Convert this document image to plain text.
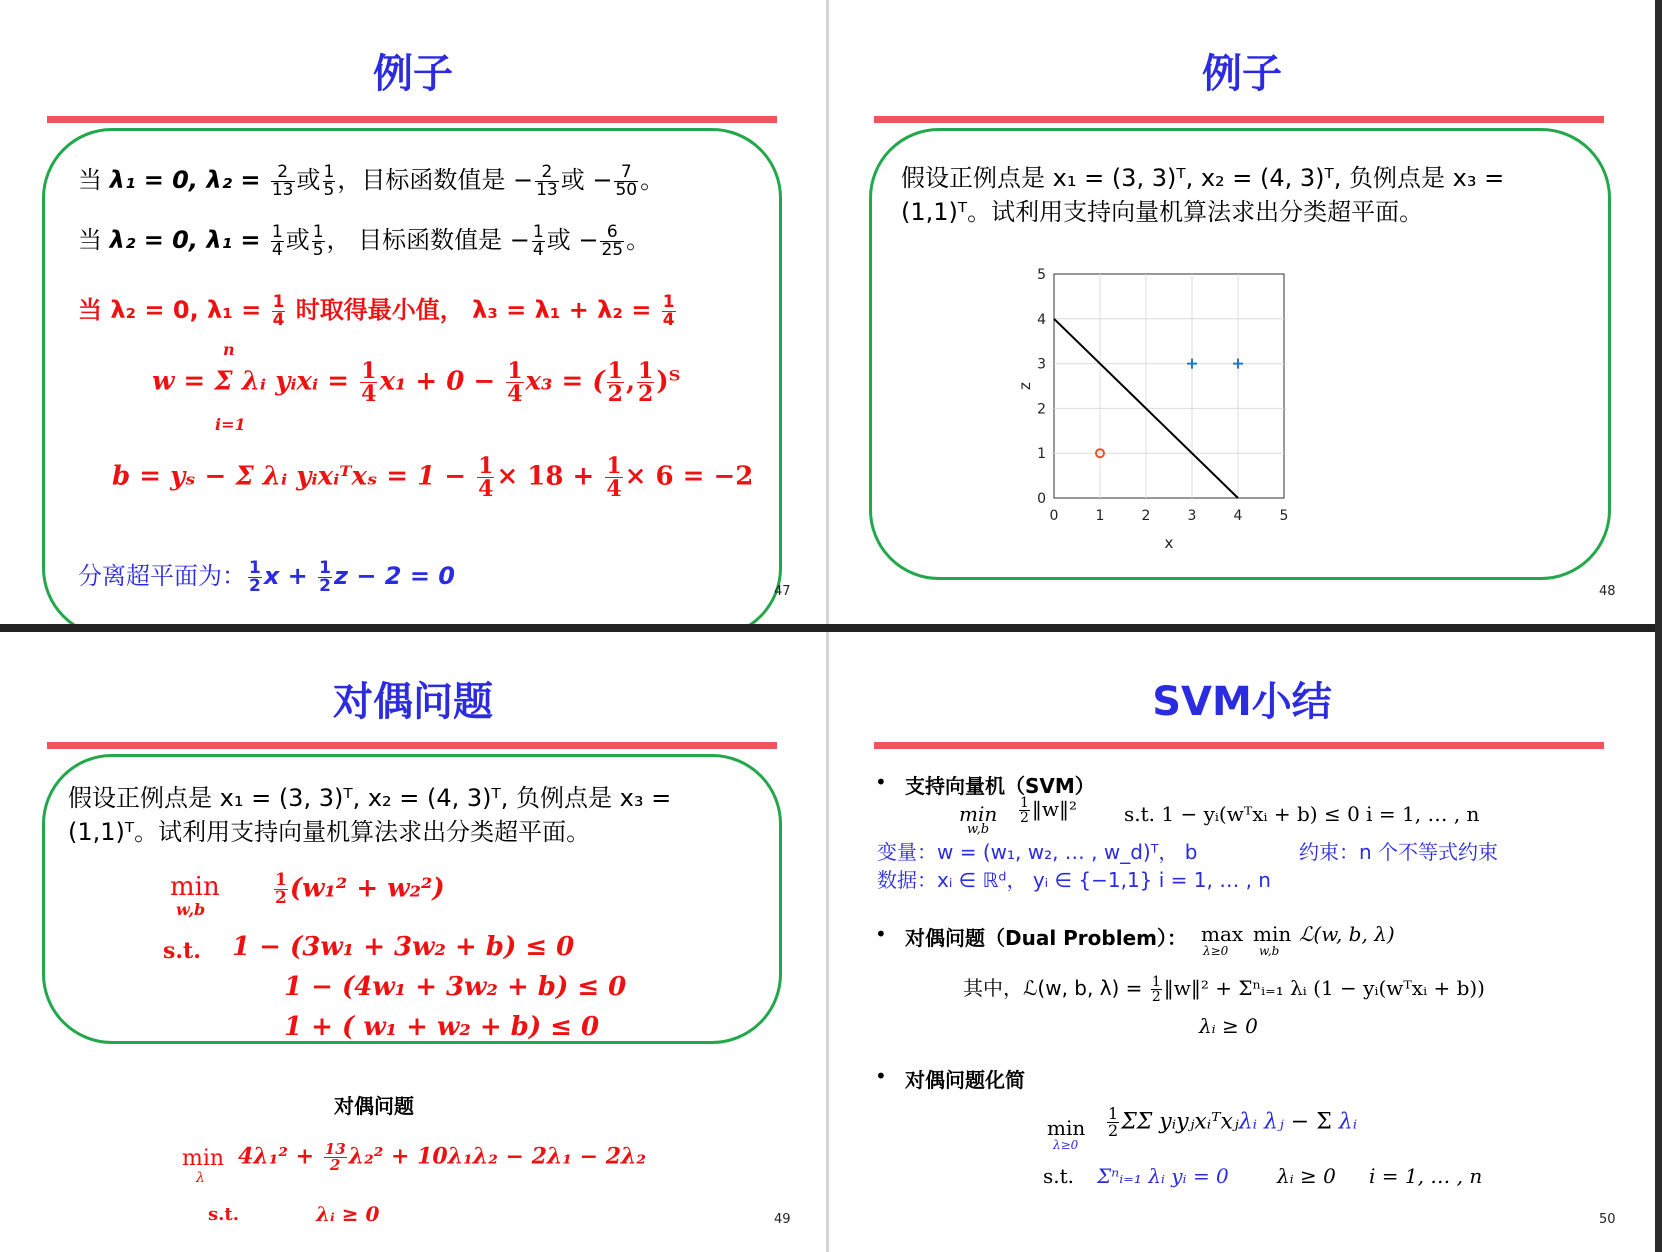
例子
当 λ₁ = 0, $\lambda_2 = \frac{2}{13}$ 或 $\frac{1}{5}$ ，目标函数值是 − $\frac{2}{13}$ 或 − $\frac{7}{50}$ 。
当 λ₂ = 0, $\lambda_1 = \frac{1}{4}$ 或 $\frac{1}{5}$ ， 目标函数值是 − $\frac{1}{4}$ 或 − $\frac{6}{25}$ 。
当 λ₂ = 0, $\lambda_1 = \frac{1}{4}$ 时取得最小值， $\lambda_3 = \lambda_1 + \lambda_2 = \frac{1}{4}$
w = Σ λᵢ yᵢxᵢ = $\frac{1}{4} x_1 + 0 - \frac{1}{4} x_3$ = ( $\frac{1}{2}$ , $\frac{1}{2}$ )ᵀ
n
i=1
b = yₛ − Σ λᵢ yᵢxᵢᵀxₛ = $1 - \frac{1}{4} \times 18 + \frac{1}{4} \times 6 = -2$
分离超平面为： $\frac{1}{2}$ $x + \frac{1}{2}$ z − 2 = 0
47
例子
假设正例点是 x₁ = (3, 3)ᵀ, x₂ = (4, 3)ᵀ, 负例点是 x₃ =
(1,1)ᵀ。试利用支持向量机算法求出分类超平面。
0	1	2	3	4	5
0
1
2
3
4
5
x
z
48
对偶问题
假设正例点是 x₁ = (3, 3)ᵀ, x₂ = (4, 3)ᵀ, 负例点是 x₃ =
(1,1)ᵀ。试利用支持向量机算法求出分类超平面。
min
w,b
$\frac{1}{2} (w_1^2 + w_2^2)$
s.t. 1 − (3w₁ + 3w₂ + b) ≤ 0
1 − (4w₁ + 3w₂ + b) ≤ 0
1 + ( w₁ + w₂ + b) ≤ 0
对偶问题
min
λ
$4\lambda_1^2 + \frac{13}{2} \lambda_2^2 + 10\lambda_1\lambda_2 - 2\lambda_1 - 2\lambda_2$
s.t.	λᵢ ≥ 0	49
SVM小结
• 支持向量机（SVM）
min
w,b
$\frac{1}{2}$ ‖w‖² s.t. 1 − yᵢ(wᵀxᵢ + b) ≤ 0 i = 1, … , n
变量：w = (w₁, w₂, … , w_d)ᵀ， b	约束：n 个不等式约束
数据：xᵢ ∈ ℝᵈ， yᵢ ∈ {−1,1} i = 1, … , n
• 对偶问题（Dual Problem）： max
λ≥0
min
w,b
ℒ(w, b, λ)
其中，ℒ(w, b, $\lambda) = \frac{1}{2}$ ‖w‖² + Σⁿᵢ₌₁ λᵢ (1 − yᵢ(wᵀxᵢ + b))
λᵢ ≥ 0
• 对偶问题化简
min
λ≥0
$\frac{1}{2}$ ΣΣ yᵢyⱼxᵢᵀxⱼλᵢ λⱼ − Σ λᵢ
s.t. Σⁿᵢ₌₁ λᵢ yᵢ = 0 λᵢ ≥ 0 i = 1, … , n
50
